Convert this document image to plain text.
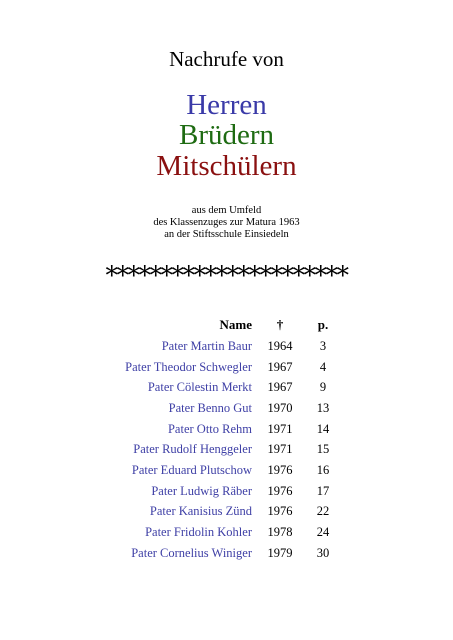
Nachrufe von
Herren
Brüdern
Mitschülern
aus dem Umfeld
des Klassenzuges zur Matura 1963
an der Stiftsschule Einsiedeln
**********************
Name	†	p.
Pater Martin Baur	1964	3
Pater Theodor Schwegler	1967	4
Pater Cölestin Merkt	1967	9
Pater Benno Gut	1970	13
Pater Otto Rehm	1971	14
Pater Rudolf Henggeler	1971	15
Pater Eduard Plutschow	1976	16
Pater Ludwig Räber	1976	17
Pater Kanisius Zünd	1976	22
Pater Fridolin Kohler	1978	24
Pater Cornelius Winiger	1979	30
